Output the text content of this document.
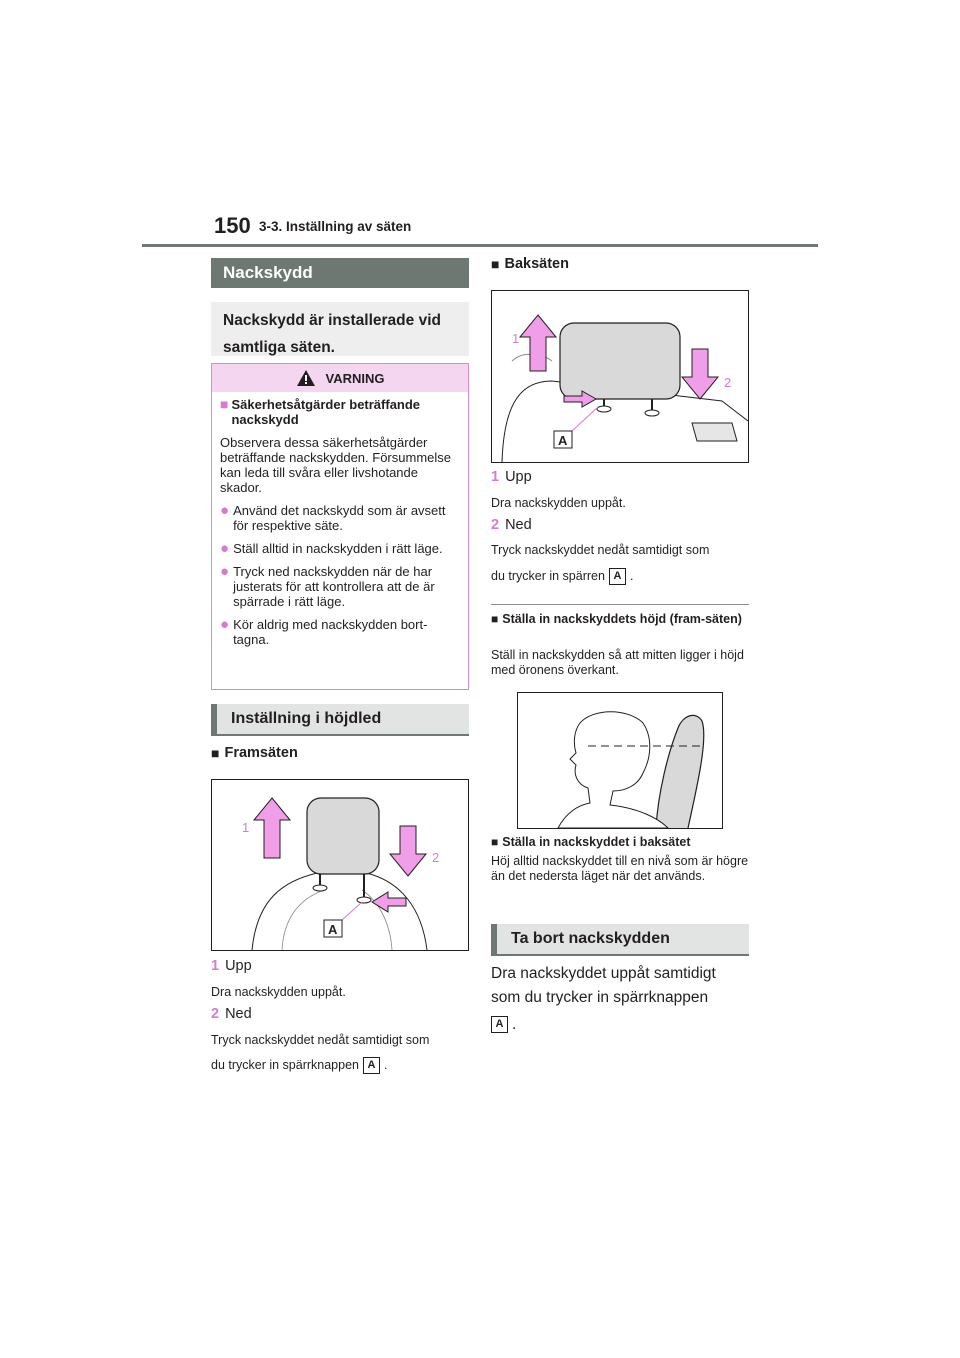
150 3-3. Inställning av säten
Nackskydd
Nackskydd är installerade vid samtliga säten.
VARNING
■ Säkerhetsåtgärder beträffande nackskydd
Observera dessa säkerhetsåtgärder beträffande nackskydden. Försummelse kan leda till svåra eller livshotande skador.
● Använd det nackskydd som är avsett för respektive säte.
● Ställ alltid in nackskydden i rätt läge.
● Tryck ned nackskydden när de har justerats för att kontrollera att de är spärrade i rätt läge.
● Kör aldrig med nackskydden bort-tagna.
Inställning i höjdled
■ Framsäten
1
2
A
1 Upp
Dra nackskydden uppåt.
2 Ned
Tryck nackskyddet nedåt samtidigt som
du trycker in spärrknappen A .
■ Baksäten
1
2
A
1 Upp
Dra nackskydden uppåt.
2 Ned
Tryck nackskyddet nedåt samtidigt som
du trycker in spärren A .
■ Ställa in nackskyddets höjd (fram-säten)
Ställ in nackskydden så att mitten ligger i höjd med öronens överkant.
■ Ställa in nackskyddet i baksätet
Höj alltid nackskyddet till en nivå som är högre än det nedersta läget när det används.
Ta bort nackskydden
Dra nackskyddet uppåt samtidigt som du trycker in spärrknappen
A .
